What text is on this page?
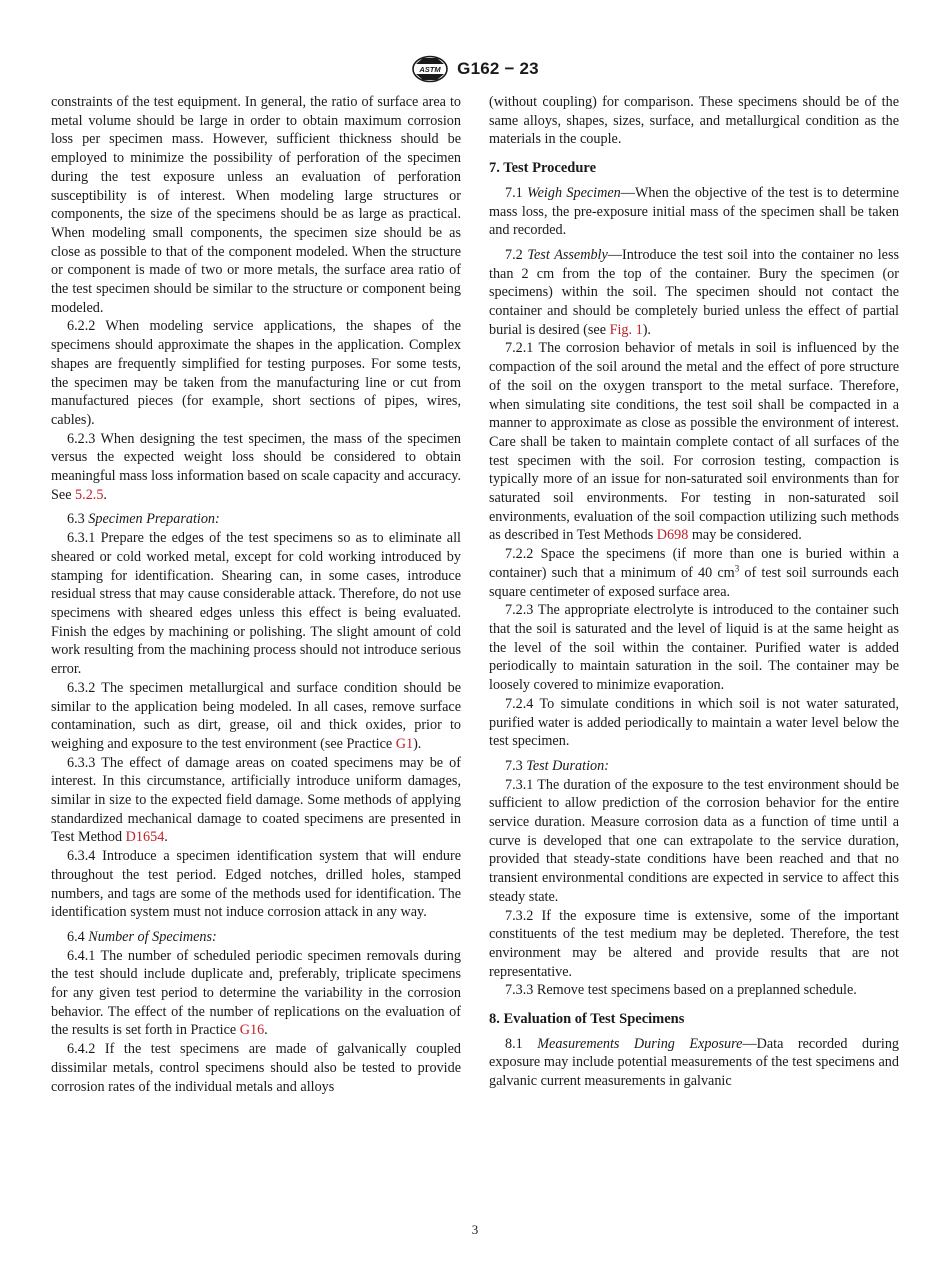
ASTM G162 − 23

constraints of the test equipment. In general, the ratio of surface area to metal volume should be large in order to obtain maximum corrosion loss per specimen mass. However, sufficient thickness should be employed to minimize the possibility of perforation of the specimen during the test exposure unless an evaluation of perforation susceptibility is of interest. When modeling large structures or components, the size of the specimens should be as large as practical. When modeling small components, the specimen size should be as close as possible to that of the component modeled. When the structure or component is made of two or more metals, the surface area ratio of the test specimen should be similar to the structure or component being modeled.

6.2.2 When modeling service applications, the shapes of the specimens should approximate the shapes in the application. Complex shapes are frequently simplified for testing purposes. For some tests, the specimen may be taken from the manufacturing line or cut from manufactured pieces (for example, short sections of pipes, wires, cables).

6.2.3 When designing the test specimen, the mass of the specimen versus the expected weight loss should be considered to obtain meaningful mass loss information based on scale capacity and accuracy. See 5.2.5.

6.3 Specimen Preparation:

6.3.1 Prepare the edges of the test specimens so as to eliminate all sheared or cold worked metal, except for cold working introduced by stamping for identification. Shearing can, in some cases, introduce residual stress that may cause considerable attack. Therefore, do not use specimens with sheared edges unless this effect is being evaluated. Finish the edges by machining or polishing. The slight amount of cold work resulting from the machining process should not introduce serious error.

6.3.2 The specimen metallurgical and surface condition should be similar to the application being modeled. In all cases, remove surface contamination, such as dirt, grease, oil and thick oxides, prior to weighing and exposure to the test environment (see Practice G1).

6.3.3 The effect of damage areas on coated specimens may be of interest. In this circumstance, artificially introduce uniform damages, similar in size to the expected field damage. Some methods of applying standardized mechanical damage to coated specimens are presented in Test Method D1654.

6.3.4 Introduce a specimen identification system that will endure throughout the test period. Edged notches, drilled holes, stamped numbers, and tags are some of the methods used for identification. The identification system must not induce corrosion attack in any way.

6.4 Number of Specimens:

6.4.1 The number of scheduled periodic specimen removals during the test should include duplicate and, preferably, triplicate specimens for any given test period to determine the variability in the corrosion behavior. The effect of the number of replications on the evaluation of the results is set forth in Practice G16.

6.4.2 If the test specimens are made of galvanically coupled dissimilar metals, control specimens should also be tested to provide corrosion rates of the individual metals and alloys

(without coupling) for comparison. These specimens should be of the same alloys, shapes, sizes, surface, and metallurgical condition as the materials in the couple.

7. Test Procedure

7.1 Weigh Specimen—When the objective of the test is to determine mass loss, the pre-exposure initial mass of the specimen shall be taken and recorded.

7.2 Test Assembly—Introduce the test soil into the container no less than 2 cm from the top of the container. Bury the specimen (or specimens) within the soil. The specimen should not contact the container and should be completely buried unless the effect of partial burial is desired (see Fig. 1).

7.2.1 The corrosion behavior of metals in soil is influenced by the compaction of the soil around the metal and the effect of pore structure of the soil on the oxygen transport to the metal surface. Therefore, when simulating site conditions, the test soil shall be compacted in a manner to approximate as close as possible the environment of interest. Care shall be taken to maintain complete contact of all surfaces of the test specimen with the soil. For corrosion testing, compaction is typically more of an issue for non-saturated soil environments than for saturated soil environments. For testing in non-saturated soil environments, evaluation of the soil compaction utilizing such methods as described in Test Methods D698 may be considered.

7.2.2 Space the specimens (if more than one is buried within a container) such that a minimum of 40 $cm^3$ of test soil surrounds each square centimeter of exposed surface area.

7.2.3 The appropriate electrolyte is introduced to the container such that the soil is saturated and the level of liquid is at the same height as the level of the soil within the container. Purified water is added periodically to maintain saturation in the soil. The container may be loosely covered to minimize evaporation.

7.2.4 To simulate conditions in which soil is not water saturated, purified water is added periodically to maintain a water level below the test specimen.

7.3 Test Duration:

7.3.1 The duration of the exposure to the test environment should be sufficient to allow prediction of the corrosion behavior for the entire service duration. Measure corrosion data as a function of time until a curve is developed that one can extrapolate to the service duration, provided that steady-state conditions have been reached and that no transient environmental conditions are expected in service to affect this steady state.

7.3.2 If the exposure time is extensive, some of the important constituents of the test medium may be depleted. Therefore, the test environment may be altered and provide results that are not representative.

7.3.3 Remove test specimens based on a preplanned schedule.

8. Evaluation of Test Specimens

8.1 Measurements During Exposure—Data recorded during exposure may include potential measurements of the test specimens and galvanic current measurements in galvanic

3
